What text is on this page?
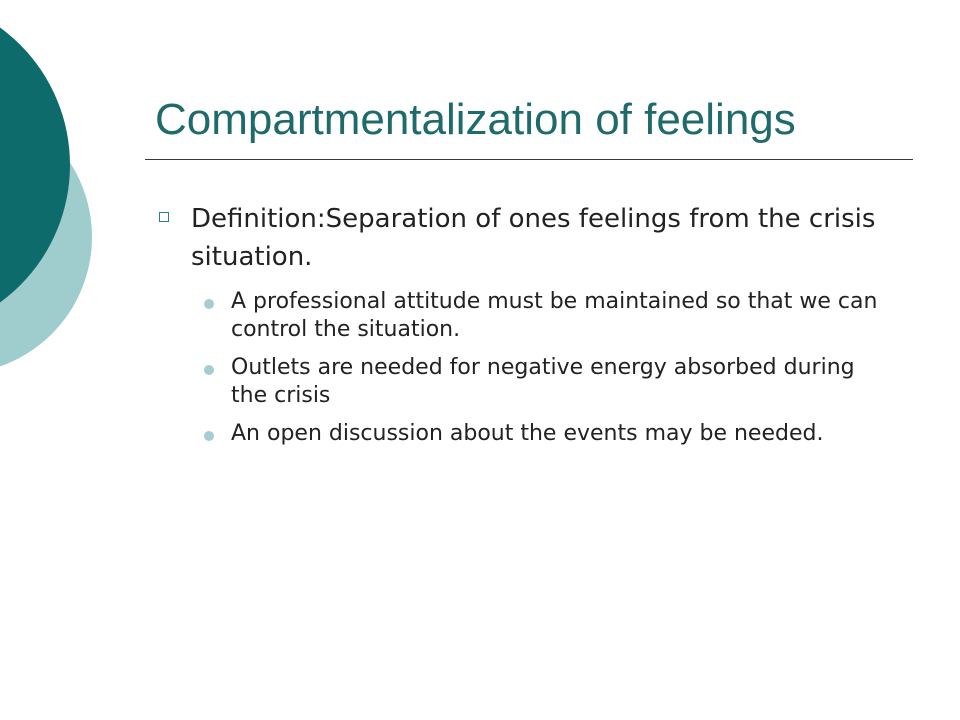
Compartmentalization of feelings
Definition:Separation of ones feelings from the crisis situation.
A professional attitude must be maintained so that we can control the situation.
Outlets are needed for negative energy absorbed during the crisis
An open discussion about the events may be needed.
